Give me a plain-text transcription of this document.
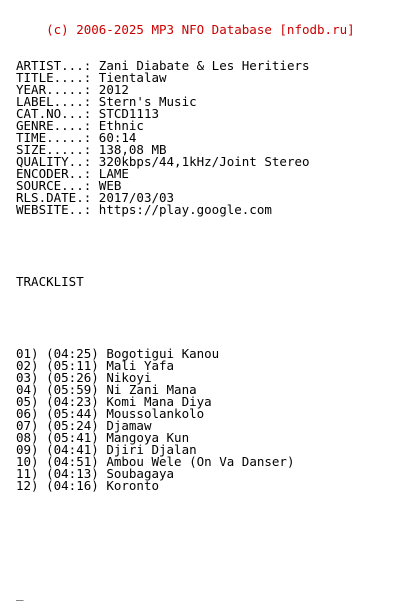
(c) 2006-2025 MP3 NFO Database [nfodb.ru]

ARTIST...: Zani Diabate & Les Heritiers
TITLE....: Tientalaw
YEAR.....: 2012
LABEL....: Stern's Music
CAT.NO...: STCD1113
GENRE....: Ethnic
TIME.....: 60:14
SIZE.....: 138,08 MB
QUALITY..: 320kbps/44,1kHz/Joint Stereo
ENCODER..: LAME
SOURCE...: WEB
RLS.DATE.: 2017/03/03
WEBSITE..: https://play.google.com

TRACKLIST

01) (04:25) Bogotigui Kanou
02) (05:11) Mali Yafa
03) (05:26) Nikoyi
04) (05:59) Ni Zani Mana
05) (04:23) Komi Mana Diya
06) (05:44) Moussolankolo
07) (05:24) Djamaw
08) (05:41) Mangoya Kun
09) (04:41) Djiri Djalan
10) (04:51) Ambou Wele (On Va Danser)
11) (04:13) Soubagaya
12) (04:16) Koronto

_
